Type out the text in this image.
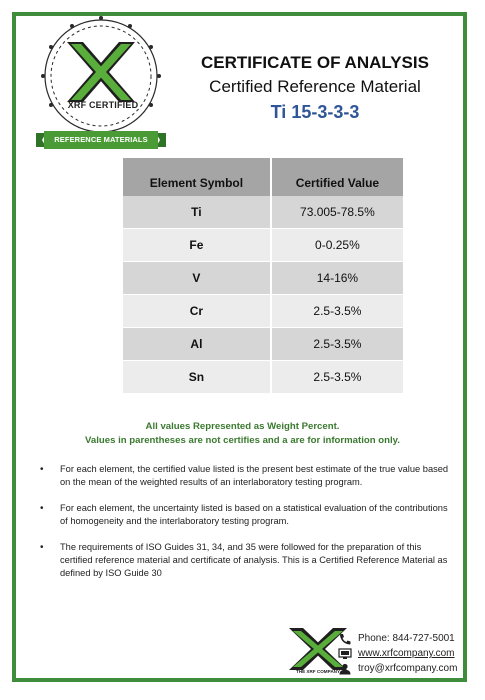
XRF CERTIFIED
REFERENCE MATERIALS
CERTIFICATE OF ANALYSIS
Certified Reference Material
Ti 15-3-3-3
Element Symbol	Certified Value
Ti	73.005-78.5%
Fe	0-0.25%
V	14-16%
Cr	2.5-3.5%
Al	2.5-3.5%
Sn	2.5-3.5%
All values Represented as Weight Percent.
Values in parentheses are not certifies and a are for information only.
• For each element, the certified value listed is the present best estimate of the true value based on the mean of the weighted results of an interlaboratory testing program.
• For each element, the uncertainty listed is based on a statistical evaluation of the contributions of homogeneity and the interlaboratory testing program.
• The requirements of ISO Guides 31, 34, and 35 were followed for the preparation of this certified reference material and certificate of analysis. This is a Certified Reference Material as defined by ISO Guide 30
THE XRF COMPANY
Phone: 844-727-5001
www.xrfcompany.com
troy@xrfcompany.com
